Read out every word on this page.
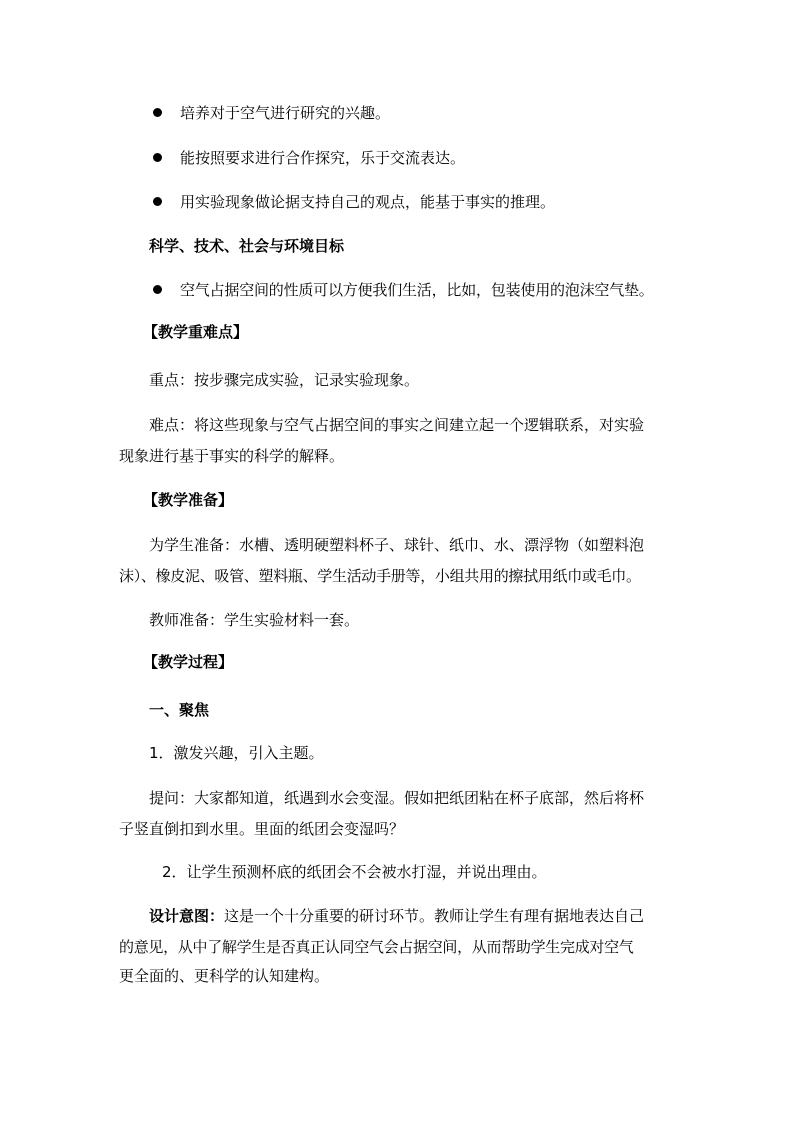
培养对于空气进行研究的兴趣。
能按照要求进行合作探究，乐于交流表达。
用实验现象做论据支持自己的观点，能基于事实的推理。
科学、技术、社会与环境目标
空气占据空间的性质可以方便我们生活，比如，包装使用的泡沫空气垫。
【教学重难点】
重点：按步骤完成实验，记录实验现象。
难点：将这些现象与空气占据空间的事实之间建立起一个逻辑联系，对实验
现象进行基于事实的科学的解释。
【教学准备】
为学生准备：水槽、透明硬塑料杯子、球针、纸巾、水、漂浮物（如塑料泡
沫）、橡皮泥、吸管、塑料瓶、学生活动手册等，小组共用的擦拭用纸巾或毛巾。
教师准备：学生实验材料一套。
【教学过程】
一、聚焦
1．激发兴趣，引入主题。
提问：大家都知道，纸遇到水会变湿。假如把纸团粘在杯子底部，然后将杯
子竖直倒扣到水里。里面的纸团会变湿吗？
2．让学生预测杯底的纸团会不会被水打湿，并说出理由。
设计意图：这是一个十分重要的研讨环节。教师让学生有理有据地表达自己
的意见，从中了解学生是否真正认同空气会占据空间，从而帮助学生完成对空气
更全面的、更科学的认知建构。
